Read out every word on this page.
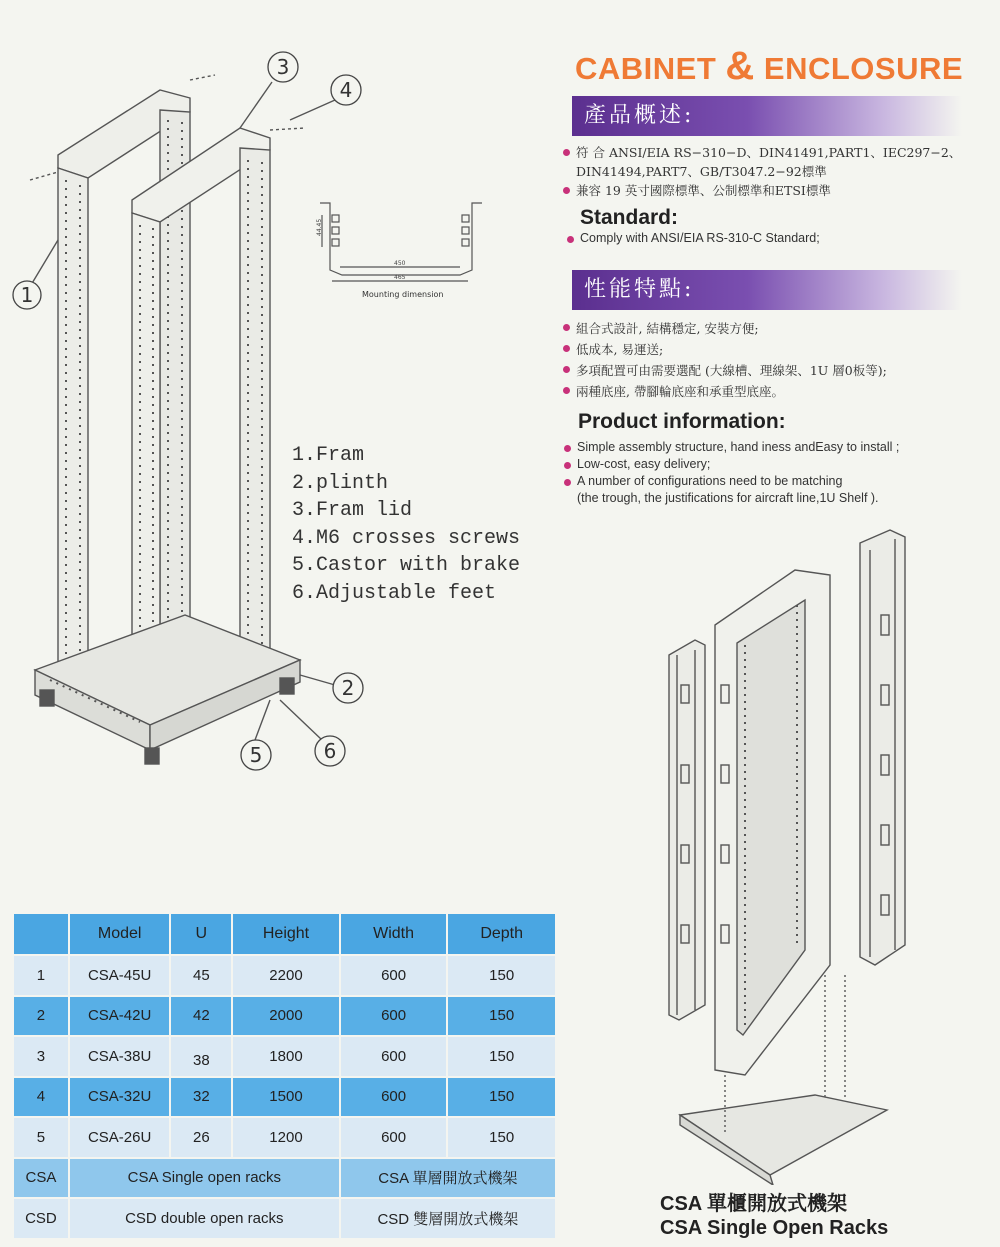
1
3
4
2
5	6
450
465
44.45
Mounting dimension
CABINET & ENCLOSURE
產品概述:
符 合 ANSI/EIA RS−310−D、DIN41491,PART1、IEC297−2、DIN41494,PART7、GB/T3047.2−92標準
兼容 19 英寸國際標準、公制標準和ETSI標準
Standard:
Comply with ANSI/EIA RS-310-C Standard;
性能特點:
組合式設計, 結構穩定, 安裝方便;
低成本, 易運送;
多項配置可由需要選配 (大線槽、理線架、1U 層0板等);
兩種底座, 帶腳輪底座和承重型底座。
Product information:
Simple assembly structure, hand iness andEasy to install ;
Low-cost, easy delivery;
A number of configurations need to be matching
(the trough, the justifications for aircraft line,1U Shelf ).
1.Fram
2.plinth
3.Fram lid
4.M6 crosses screws
5.Castor with brake
6.Adjustable feet
	Model	U	Height	Width	Depth
1	CSA-45U	45	2200	600	150
2	CSA-42U	42	2000	600	150
3	CSA-38U	38	1800	600	150
4	CSA-32U	32	1500	600	150
5	CSA-26U	26	1200	600	150
CSA	CSA Single open racks			CSA 單層開放式機架	
CSD	CSD double open racks			CSD 雙層開放式機架	
CSA 單櫃開放式機架
CSA Single Open Racks
